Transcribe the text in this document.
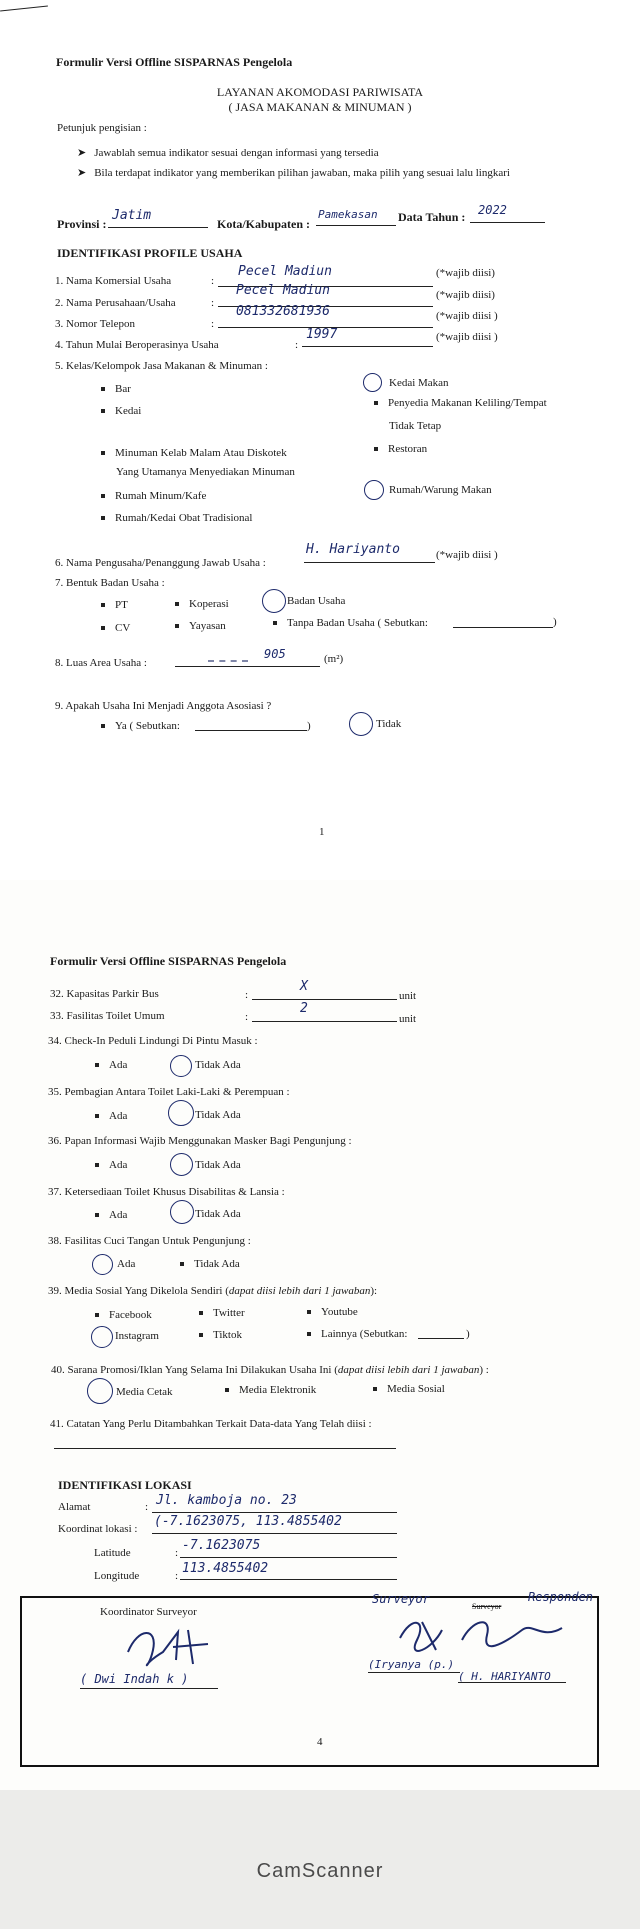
Formulir Versi Offline SISPARNAS Pengelola
LAYANAN AKOMODASI PARIWISATA
( JASA MAKANAN & MINUMAN )
Petunjuk pengisian :
➤ Jawablah semua indikator sesuai dengan informasi yang tersedia
➤ Bila terdapat indikator yang memberikan pilihan jawaban, maka pilih yang sesuai lalu lingkari
Provinsi :
Jatim
Kota/Kabupaten :
Pamekasan Data Tahun : 2022
IDENTIFIKASI PROFILE USAHA
1. Nama Komersial Usaha	:
Pecel Madiun	(*wajib diisi)
2. Nama Perusahaan/Usaha	:
Pecel Madiun	(*wajib diisi)
3. Nomor Telepon	:
081332681936	(*wajib diisi )
4. Tahun Mulai Beroperasinya Usaha	:
1997	(*wajib diisi )
5. Kelas/Kelompok Jasa Makanan & Minuman :
Bar
Kedai
Kedai Makan
Penyedia Makanan Keliling/Tempat
Tidak Tetap
Minuman Kelab Malam Atau Diskotek
Yang Utamanya Menyediakan Minuman
Restoran
Rumah Minum/Kafe	Rumah/Warung Makan
Rumah/Kedai Obat Tradisional
6. Nama Pengusaha/Penanggung Jawab Usaha :
H. Hariyanto	(*wajib diisi )
7. Bentuk Badan Usaha :
PT	Koperasi	Badan Usaha
CV	Yayasan	Tanpa Badan Usaha ( Sebutkan:	)
8. Luas Area Usaha :
905	(m²)
9. Apakah Usaha Ini Menjadi Anggota Asosiasi ?
Ya ( Sebutkan:	)	Tidak
1
Formulir Versi Offline SISPARNAS Pengelola
32. Kapasitas Parkir Bus	:
X
unit
33. Fasilitas Toilet Umum	:
2
unit
34. Check-In Peduli Lindungi Di Pintu Masuk :
Ada	Tidak Ada
35. Pembagian Antara Toilet Laki-Laki & Perempuan :
Ada	Tidak Ada
36. Papan Informasi Wajib Menggunakan Masker Bagi Pengunjung :
Ada	Tidak Ada
37. Ketersediaan Toilet Khusus Disabilitas & Lansia :
Ada	Tidak Ada
38. Fasilitas Cuci Tangan Untuk Pengunjung :
Ada	Tidak Ada
39. Media Sosial Yang Dikelola Sendiri (dapat diisi lebih dari 1 jawaban):
Facebook	Twitter	Youtube
Instagram	Tiktok	Lainnya (Sebutkan:	)
40. Sarana Promosi/Iklan Yang Selama Ini Dilakukan Usaha Ini (dapat diisi lebih dari 1 jawaban) :
Media Cetak	Media Elektronik	Media Sosial
41. Catatan Yang Perlu Ditambahkan Terkait Data-data Yang Telah diisi :
IDENTIFIKASI LOKASI
Alamat	: Jl. kamboja no. 23
Koordinat lokasi : (-7.1623075, 113.4855402
Latitude	: -7.1623075
Longitude	: 113.4855402
Koordinator Surveyor
( Dwi Indah k )
Surveyor
Surveyor
Responden
(Iryanya (p.)
( H. HARIYANTO
4
CamScanner
